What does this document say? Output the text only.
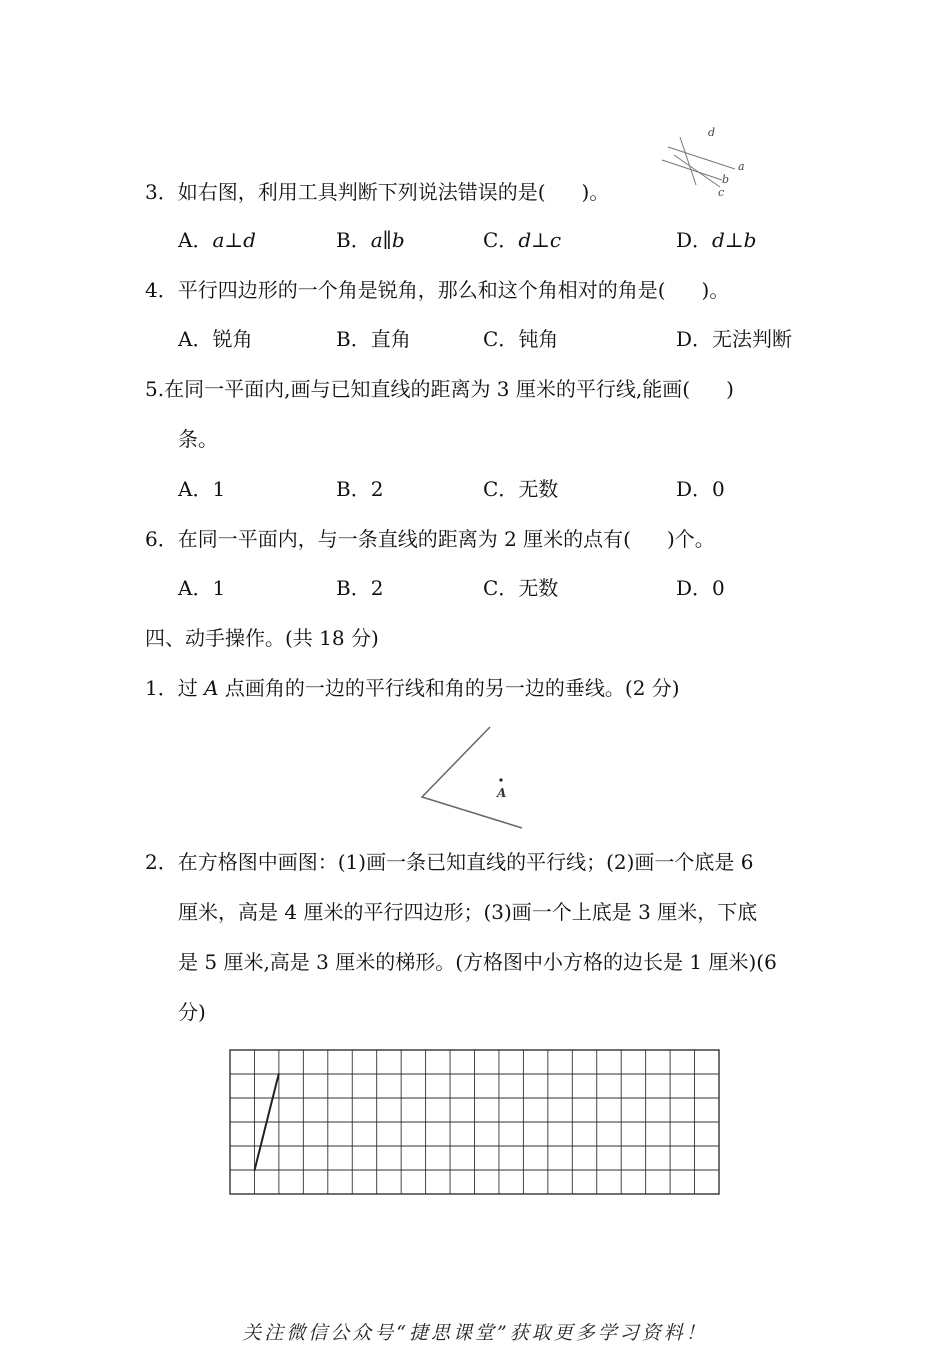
3．如右图，利用工具判断下列说法错误的是( )。
d
a
b
c
A．a⊥d	B．a∥b	C．d⊥c	D．d⊥b
4．平行四边形的一个角是锐角，那么和这个角相对的角是( )。
A．锐角	B．直角	C．钝角	D．无法判断
5.在同一平面内,画与已知直线的距离为 3 厘米的平行线,能画( )
条。
A．1	B．2	C．无数	D．0
6．在同一平面内，与一条直线的距离为 2 厘米的点有( )个。
A．1	B．2	C．无数	D．0
四、动手操作。(共 18 分)
1．过 A 点画角的一边的平行线和角的另一边的垂线。(2 分)
A
2．在方格图中画图：(1)画一条已知直线的平行线；(2)画一个底是 6
厘米，高是 4 厘米的平行四边形；(3)画一个上底是 3 厘米，下底
是 5 厘米,高是 3 厘米的梯形。(方格图中小方格的边长是 1 厘米)(6
分)
关注微信公众号“捷思课堂”获取更多学习资料！
